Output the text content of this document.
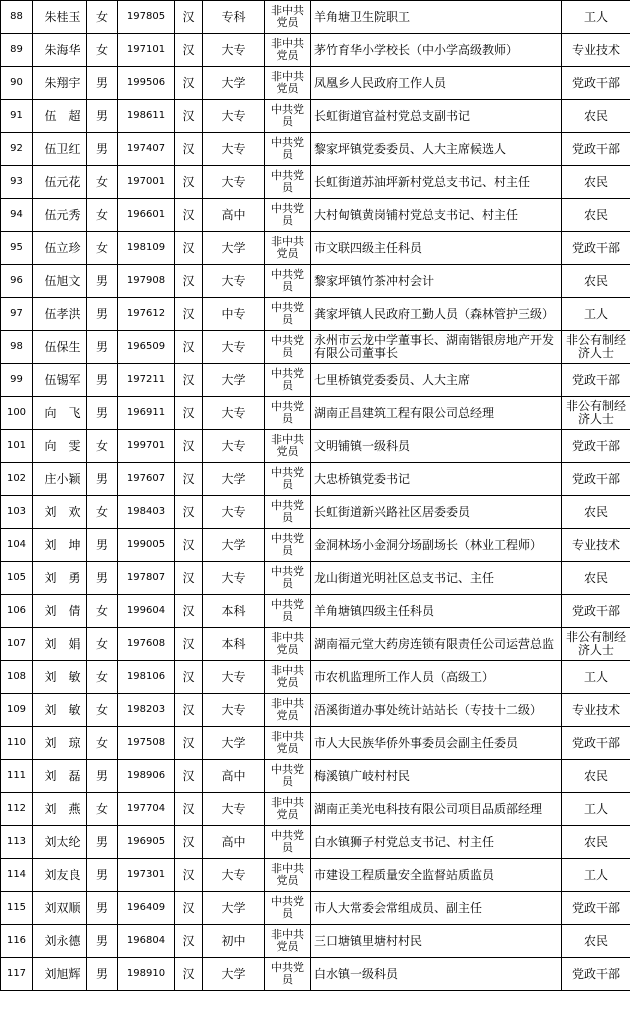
88	朱桂玉	女	197805	汉	专科	非中共党员	羊角塘卫生院职工	工人
89	朱海华	女	197101	汉	大专	非中共党员	茅竹育华小学校长（中小学高级教师）	专业技术
90	朱翔宇	男	199506	汉	大学	非中共党员	凤凰乡人民政府工作人员	党政干部
91	伍　超	男	198611	汉	大专	中共党员	长虹街道官益村党总支副书记	农民
92	伍卫红	男	197407	汉	大专	中共党员	黎家坪镇党委委员、人大主席候选人	党政干部
93	伍元花	女	197001	汉	大专	中共党员	长虹街道苏油坪新村党总支书记、村主任	农民
94	伍元秀	女	196601	汉	高中	中共党员	大村甸镇黄岗铺村党总支书记、村主任	农民
95	伍立珍	女	198109	汉	大学	非中共党员	市文联四级主任科员	党政干部
96	伍旭文	男	197908	汉	大专	中共党员	黎家坪镇竹茶冲村会计	农民
97	伍孝洪	男	197612	汉	中专	中共党员	龚家坪镇人民政府工勤人员（森林管护三级）	工人
98	伍保生	男	196509	汉	大专	中共党员	永州市云龙中学董事长、湖南锴银房地产开发有限公司董事长	非公有制经济人士
99	伍锡军	男	197211	汉	大学	中共党员	七里桥镇党委委员、人大主席	党政干部
100	向　飞	男	196911	汉	大专	中共党员	湖南正昌建筑工程有限公司总经理	非公有制经济人士
101	向　雯	女	199701	汉	大专	非中共党员	文明铺镇一级科员	党政干部
102	庄小颖	男	197607	汉	大学	中共党员	大忠桥镇党委书记	党政干部
103	刘　欢	女	198403	汉	大专	中共党员	长虹街道新兴路社区居委委员	农民
104	刘　坤	男	199005	汉	大学	中共党员	金洞林场小金洞分场副场长（林业工程师）	专业技术
105	刘　勇	男	197807	汉	大专	中共党员	龙山街道光明社区总支书记、主任	农民
106	刘　倩	女	199604	汉	本科	中共党员	羊角塘镇四级主任科员	党政干部
107	刘　娟	女	197608	汉	本科	非中共党员	湖南福元堂大药房连锁有限责任公司运营总监	非公有制经济人士
108	刘　敏	女	198106	汉	大专	非中共党员	市农机监理所工作人员（高级工）	工人
109	刘　敏	女	198203	汉	大专	非中共党员	浯溪街道办事处统计站站长（专技十二级）	专业技术
110	刘　琼	女	197508	汉	大学	非中共党员	市人大民族华侨外事委员会副主任委员	党政干部
111	刘　磊	男	198906	汉	高中	中共党员	梅溪镇广岐村村民	农民
112	刘　燕	女	197704	汉	大专	非中共党员	湖南正美光电科技有限公司项目品质部经理	工人
113	刘太纶	男	196905	汉	高中	中共党员	白水镇狮子村党总支书记、村主任	农民
114	刘友良	男	197301	汉	大专	非中共党员	市建设工程质量安全监督站质监员	工人
115	刘双顺	男	196409	汉	大学	中共党员	市人大常委会常组成员、副主任	党政干部
116	刘永德	男	196804	汉	初中	非中共党员	三口塘镇里塘村村民	农民
117	刘旭辉	男	198910	汉	大学	中共党员	白水镇一级科员	党政干部
